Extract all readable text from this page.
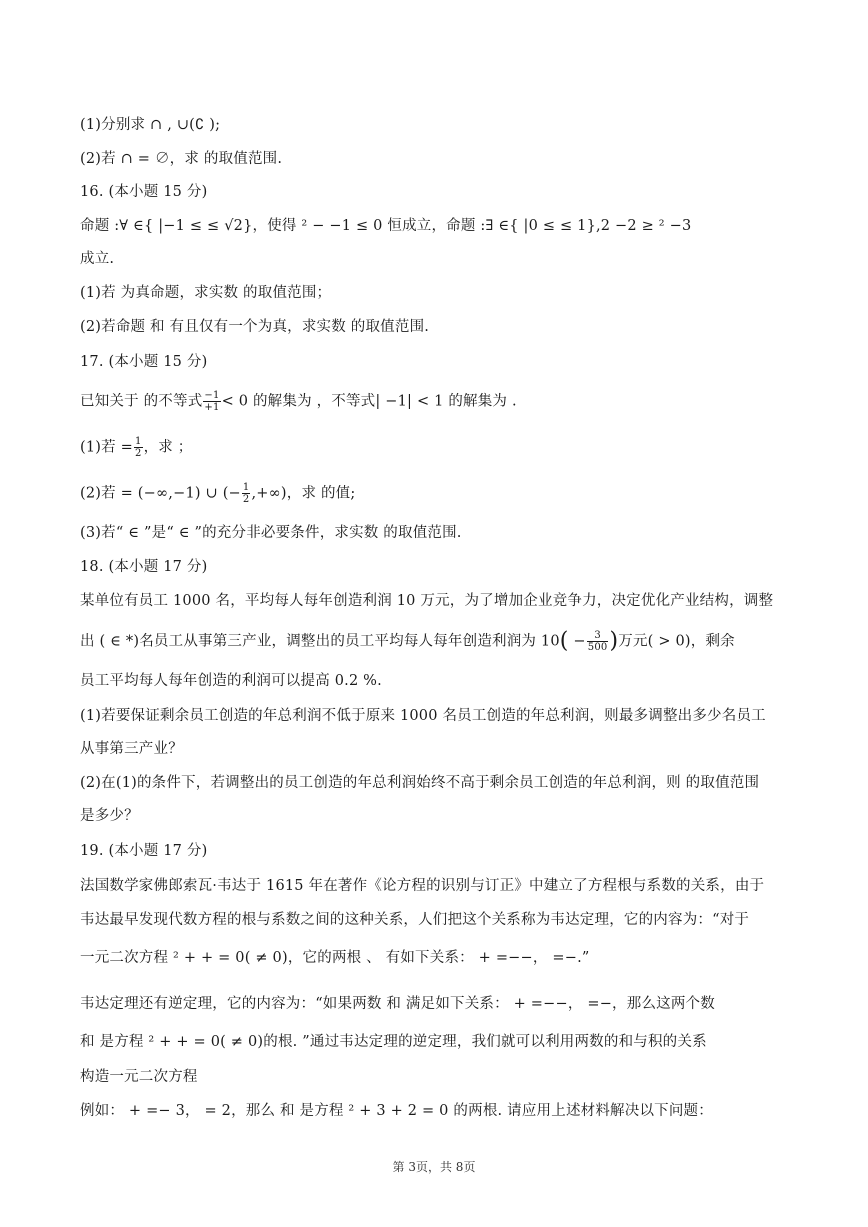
(1)分别求 ∩ , ∪(∁ );
(2)若 ∩ = ∅，求 的取值范围.
16. (本小题 15 分)
命题 :∀ ∈{ |−1 ≤ ≤ √2}，使得 ² − −1 ≤ 0 恒成立，命题 :∃ ∈{ |0 ≤ ≤ 1},2 −2 ≥ ² −3
成立.
(1)若 为真命题，求实数 的取值范围；
(2)若命题 和 有且仅有一个为真，求实数 的取值范围.
17. (本小题 15 分)
已知关于 的不等式 $\frac{-1}{+1} < 0$ 的解集为 ，不等式| −1| < 1 的解集为 .
(1)若 = $\frac{1}{2}$ ，求 ；
(2)若 = (−∞,−1) ∪ (− $\frac{1}{2}$ ,+∞)，求 的值;
(3)若“ ∈ ”是“ ∈ ”的充分非必要条件，求实数 的取值范围.
18. (本小题 17 分)
某单位有员工 1000 名，平均每人每年创造利润 10 万元，为了增加企业竞争力，决定优化产业结构，调整
出 ( ∈ *)名员工从事第三产业，调整出的员工平均每人每年创造利润为 $10( - \frac{3}{500}$ )万元( > 0)，剩余
员工平均每人每年创造的利润可以提高 0.2 %.
(1)若要保证剩余员工创造的年总利润不低于原来 1000 名员工创造的年总利润，则最多调整出多少名员工
从事第三产业？
(2)在(1)的条件下，若调整出的员工创造的年总利润始终不高于剩余员工创造的年总利润，则 的取值范围
是多少？
19. (本小题 17 分)
法国数学家佛郎索瓦·韦达于 1615 年在著作《论方程的识别与订正》中建立了方程根与系数的关系，由于
韦达最早发现代数方程的根与系数之间的这种关系，人们把这个关系称为韦达定理，它的内容为：“对于
一元二次方程 ² + + = 0( ≠ 0)，它的两根 、 有如下关系： + =−−， =−.”
韦达定理还有逆定理，它的内容为：“如果两数 和 满足如下关系： + =−−， =−，那么这两个数
和 是方程 ² + + = 0( ≠ 0)的根. ”通过韦达定理的逆定理，我们就可以利用两数的和与积的关系
构造一元二次方程
例如： + =− 3， = 2，那么 和 是方程 ² + 3 + 2 = 0 的两根. 请应用上述材料解决以下问题：
第 3页，共 8页
